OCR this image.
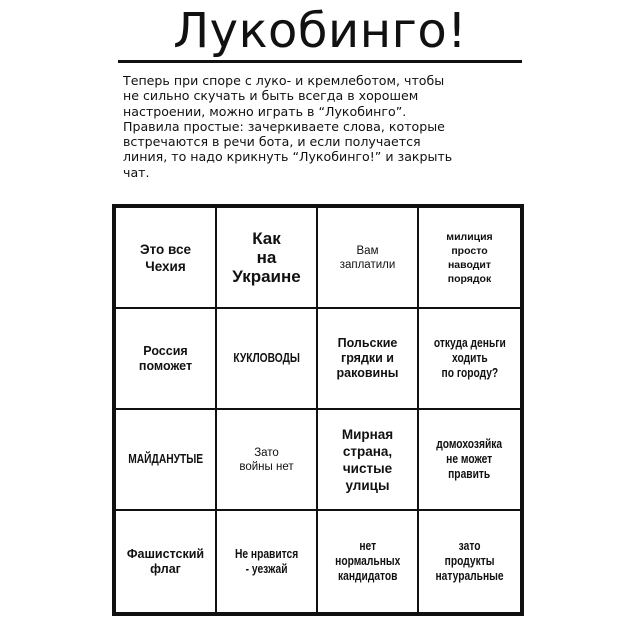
Лукобинго!
Теперь при споре с луко- и кремлеботом, чтобы
не сильно скучать и быть всегда в хорошем
настроении, можно играть в “Лукобинго”.
Правила простые: зачеркиваете слова, которые
встречаются в речи бота, и если получается
линия, то надо крикнуть “Лукобинго!” и закрыть
чат.
Это все
Чехия
Как
на
Украине
Вам
заплатили
милиция
просто
наводит
порядок
Россия
поможет
КУКЛОВОДЫ
Польские
грядки и
раковины
откуда деньги
ходить
по городу?
МАЙДАНУТЫЕ	Зато
войны нет
Мирная
страна,
чистые
улицы
домохозяйка
не может
править
Фашистский
флаг
Не нравится
- уезжай
нет
нормальных
кандидатов
зато
продукты
натуральные
